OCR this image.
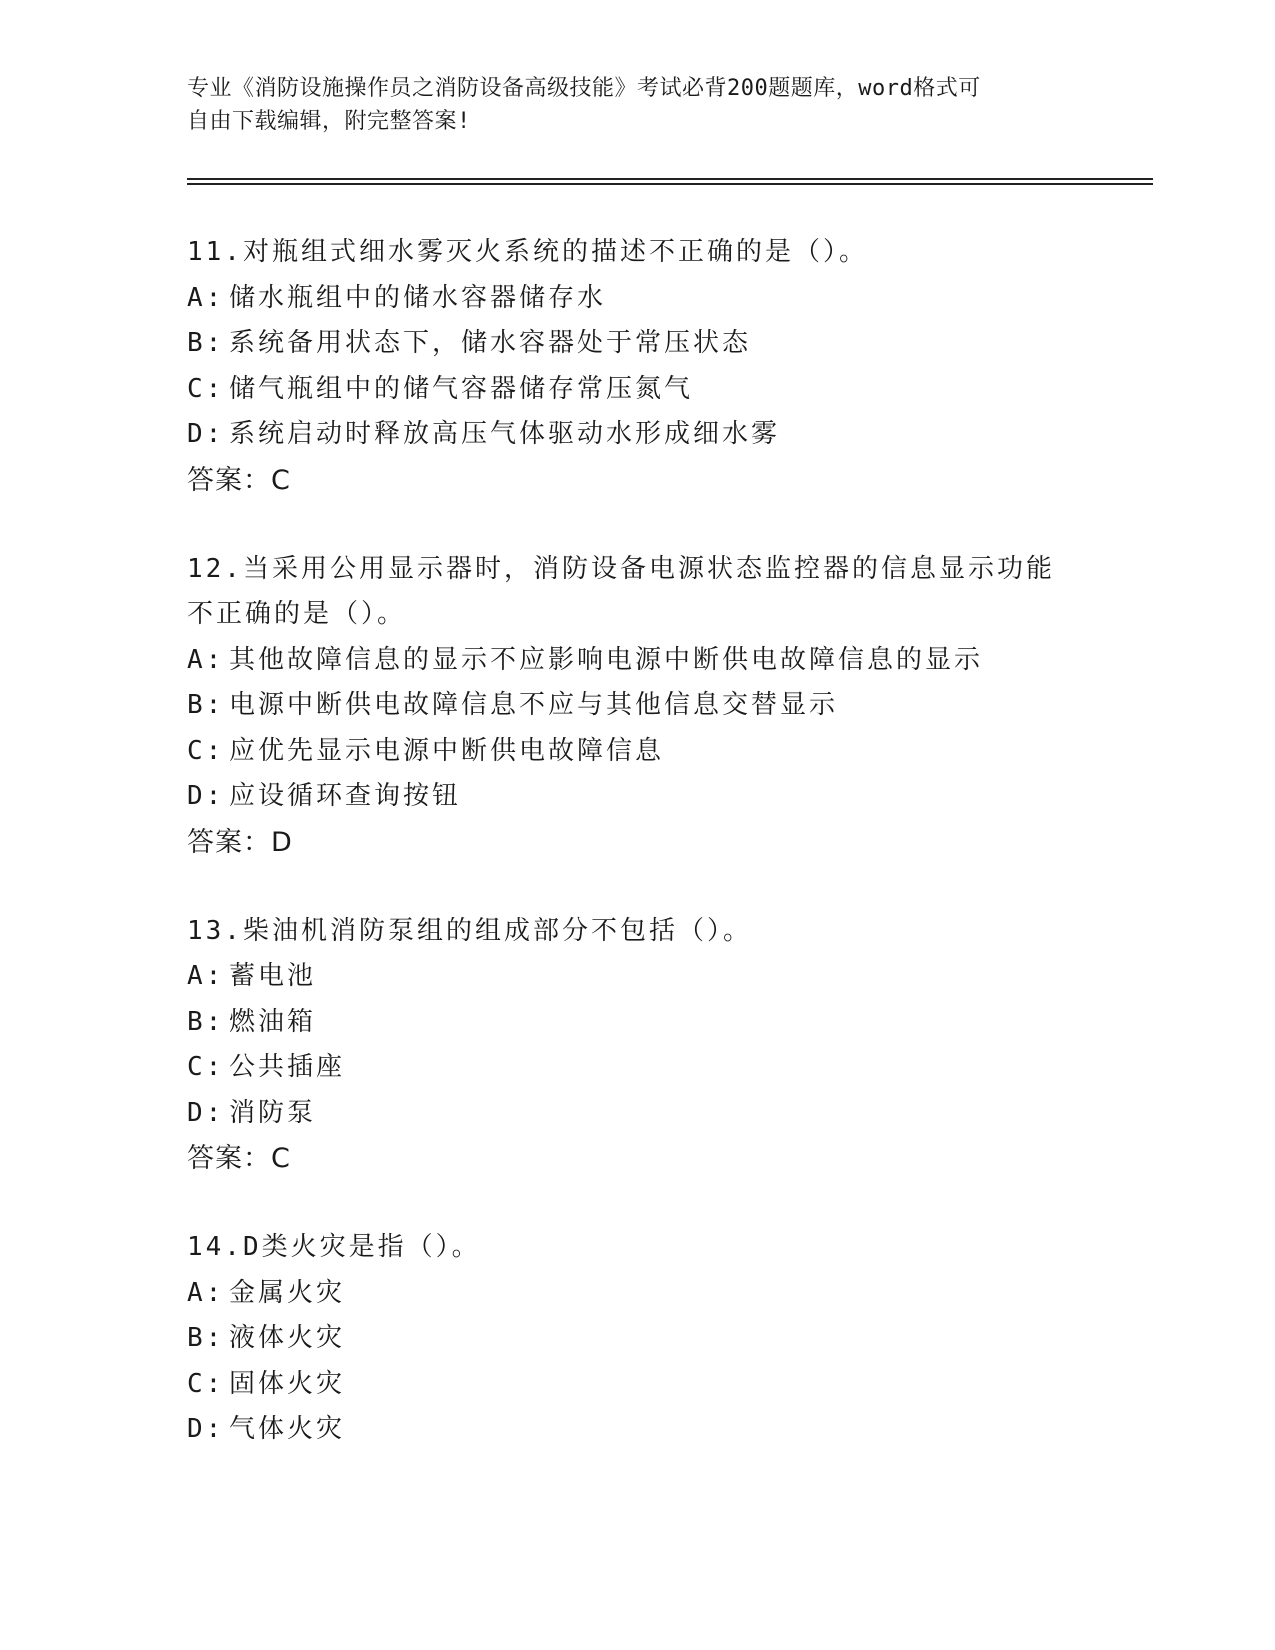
专业《消防设施操作员之消防设备高级技能》考试必背200题题库，word格式可
自由下载编辑，附完整答案!
11.对瓶组式细水雾灭火系统的描述不正确的是（）。
A: 储水瓶组中的储水容器储存水
B: 系统备用状态下，储水容器处于常压状态
C: 储气瓶组中的储气容器储存常压氮气
D: 系统启动时释放高压气体驱动水形成细水雾
答案：C
12.当采用公用显示器时，消防设备电源状态监控器的信息显示功能不正确的是（）。
A: 其他故障信息的显示不应影响电源中断供电故障信息的显示
B: 电源中断供电故障信息不应与其他信息交替显示
C: 应优先显示电源中断供电故障信息
D: 应设循环查询按钮
答案：D
13.柴油机消防泵组的组成部分不包括（）。
A: 蓄电池
B: 燃油箱
C: 公共插座
D: 消防泵
答案：C
14.D类火灾是指（）。
A: 金属火灾
B: 液体火灾
C: 固体火灾
D: 气体火灾
